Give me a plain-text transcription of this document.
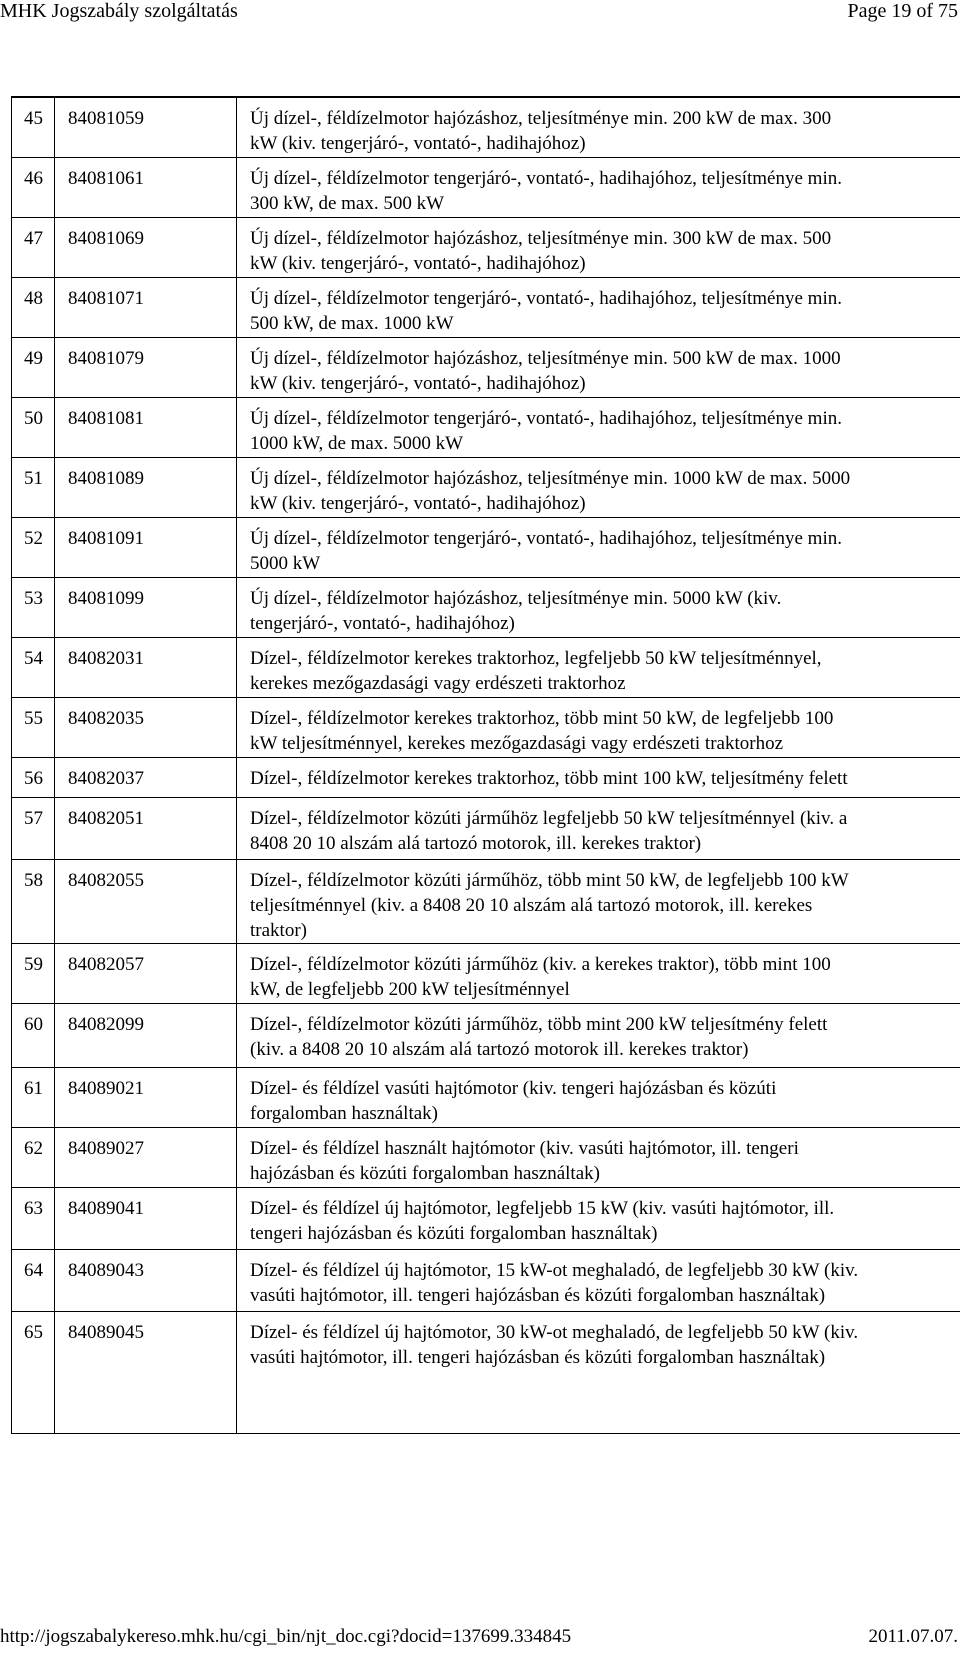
MHK Jogszabály szolgáltatás	Page 19 of 75
45 84081059	Új dízel-, féldízelmotor hajózáshoz, teljesítménye min. 200 kW de max. 300
kW (kiv. tengerjáró-, vontató-, hadihajóhoz)
46 84081061	Új dízel-, féldízelmotor tengerjáró-, vontató-, hadihajóhoz, teljesítménye min.
300 kW, de max. 500 kW
47 84081069	Új dízel-, féldízelmotor hajózáshoz, teljesítménye min. 300 kW de max. 500
kW (kiv. tengerjáró-, vontató-, hadihajóhoz)
48 84081071	Új dízel-, féldízelmotor tengerjáró-, vontató-, hadihajóhoz, teljesítménye min.
500 kW, de max. 1000 kW
49 84081079	Új dízel-, féldízelmotor hajózáshoz, teljesítménye min. 500 kW de max. 1000
kW (kiv. tengerjáró-, vontató-, hadihajóhoz)
50 84081081	Új dízel-, féldízelmotor tengerjáró-, vontató-, hadihajóhoz, teljesítménye min.
1000 kW, de max. 5000 kW
51 84081089	Új dízel-, féldízelmotor hajózáshoz, teljesítménye min. 1000 kW de max. 5000
kW (kiv. tengerjáró-, vontató-, hadihajóhoz)
52 84081091	Új dízel-, féldízelmotor tengerjáró-, vontató-, hadihajóhoz, teljesítménye min.
5000 kW
53 84081099	Új dízel-, féldízelmotor hajózáshoz, teljesítménye min. 5000 kW (kiv.
tengerjáró-, vontató-, hadihajóhoz)
54 84082031	Dízel-, féldízelmotor kerekes traktorhoz, legfeljebb 50 kW teljesítménnyel,
kerekes mezőgazdasági vagy erdészeti traktorhoz
55 84082035	Dízel-, féldízelmotor kerekes traktorhoz, több mint 50 kW, de legfeljebb 100
kW teljesítménnyel, kerekes mezőgazdasági vagy erdészeti traktorhoz
56 84082037	Dízel-, féldízelmotor kerekes traktorhoz, több mint 100 kW, teljesítmény felett
57 84082051	Dízel-, féldízelmotor közúti járműhöz legfeljebb 50 kW teljesítménnyel (kiv. a
8408 20 10 alszám alá tartozó motorok, ill. kerekes traktor)
58 84082055	Dízel-, féldízelmotor közúti járműhöz, több mint 50 kW, de legfeljebb 100 kW
teljesítménnyel (kiv. a 8408 20 10 alszám alá tartozó motorok, ill. kerekes
traktor)
59 84082057	Dízel-, féldízelmotor közúti járműhöz (kiv. a kerekes traktor), több mint 100
kW, de legfeljebb 200 kW teljesítménnyel
60 84082099	Dízel-, féldízelmotor közúti járműhöz, több mint 200 kW teljesítmény felett
(kiv. a 8408 20 10 alszám alá tartozó motorok ill. kerekes traktor)
61 84089021	Dízel- és féldízel vasúti hajtómotor (kiv. tengeri hajózásban és közúti
forgalomban használtak)
62 84089027	Dízel- és féldízel használt hajtómotor (kiv. vasúti hajtómotor, ill. tengeri
hajózásban és közúti forgalomban használtak)
63 84089041	Dízel- és féldízel új hajtómotor, legfeljebb 15 kW (kiv. vasúti hajtómotor, ill.
tengeri hajózásban és közúti forgalomban használtak)
64 84089043	Dízel- és féldízel új hajtómotor, 15 kW-ot meghaladó, de legfeljebb 30 kW (kiv.
vasúti hajtómotor, ill. tengeri hajózásban és közúti forgalomban használtak)
65 84089045	Dízel- és féldízel új hajtómotor, 30 kW-ot meghaladó, de legfeljebb 50 kW (kiv.
vasúti hajtómotor, ill. tengeri hajózásban és közúti forgalomban használtak)
http://jogszabalykereso.mhk.hu/cgi_bin/njt_doc.cgi?docid=137699.334845	2011.07.07.
